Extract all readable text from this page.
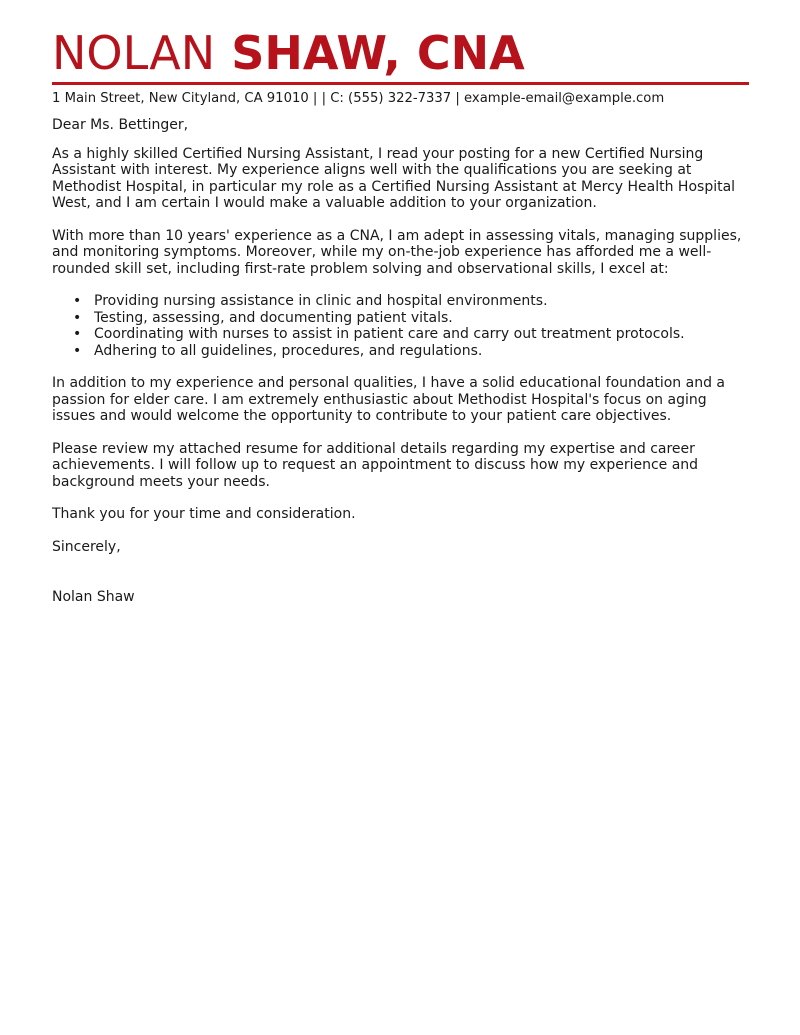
NOLAN SHAW, CNA
1 Main Street, New Cityland, CA 91010 | | C: (555) 322-7337 | example-email@example.com

Dear Ms. Bettinger,

As a highly skilled Certified Nursing Assistant, I read your posting for a new Certified Nursing Assistant with interest. My experience aligns well with the qualifications you are seeking at Methodist Hospital, in particular my role as a Certified Nursing Assistant at Mercy Health Hospital West, and I am certain I would make a valuable addition to your organization.

With more than 10 years' experience as a CNA, I am adept in assessing vitals, managing supplies, and monitoring symptoms. Moreover, while my on-the-job experience has afforded me a well-rounded skill set, including first-rate problem solving and observational skills, I excel at:

• Providing nursing assistance in clinic and hospital environments.
• Testing, assessing, and documenting patient vitals.
• Coordinating with nurses to assist in patient care and carry out treatment protocols.
• Adhering to all guidelines, procedures, and regulations.

In addition to my experience and personal qualities, I have a solid educational foundation and a passion for elder care. I am extremely enthusiastic about Methodist Hospital's focus on aging issues and would welcome the opportunity to contribute to your patient care objectives.

Please review my attached resume for additional details regarding my expertise and career achievements. I will follow up to request an appointment to discuss how my experience and background meets your needs.

Thank you for your time and consideration.

Sincerely,

Nolan Shaw
